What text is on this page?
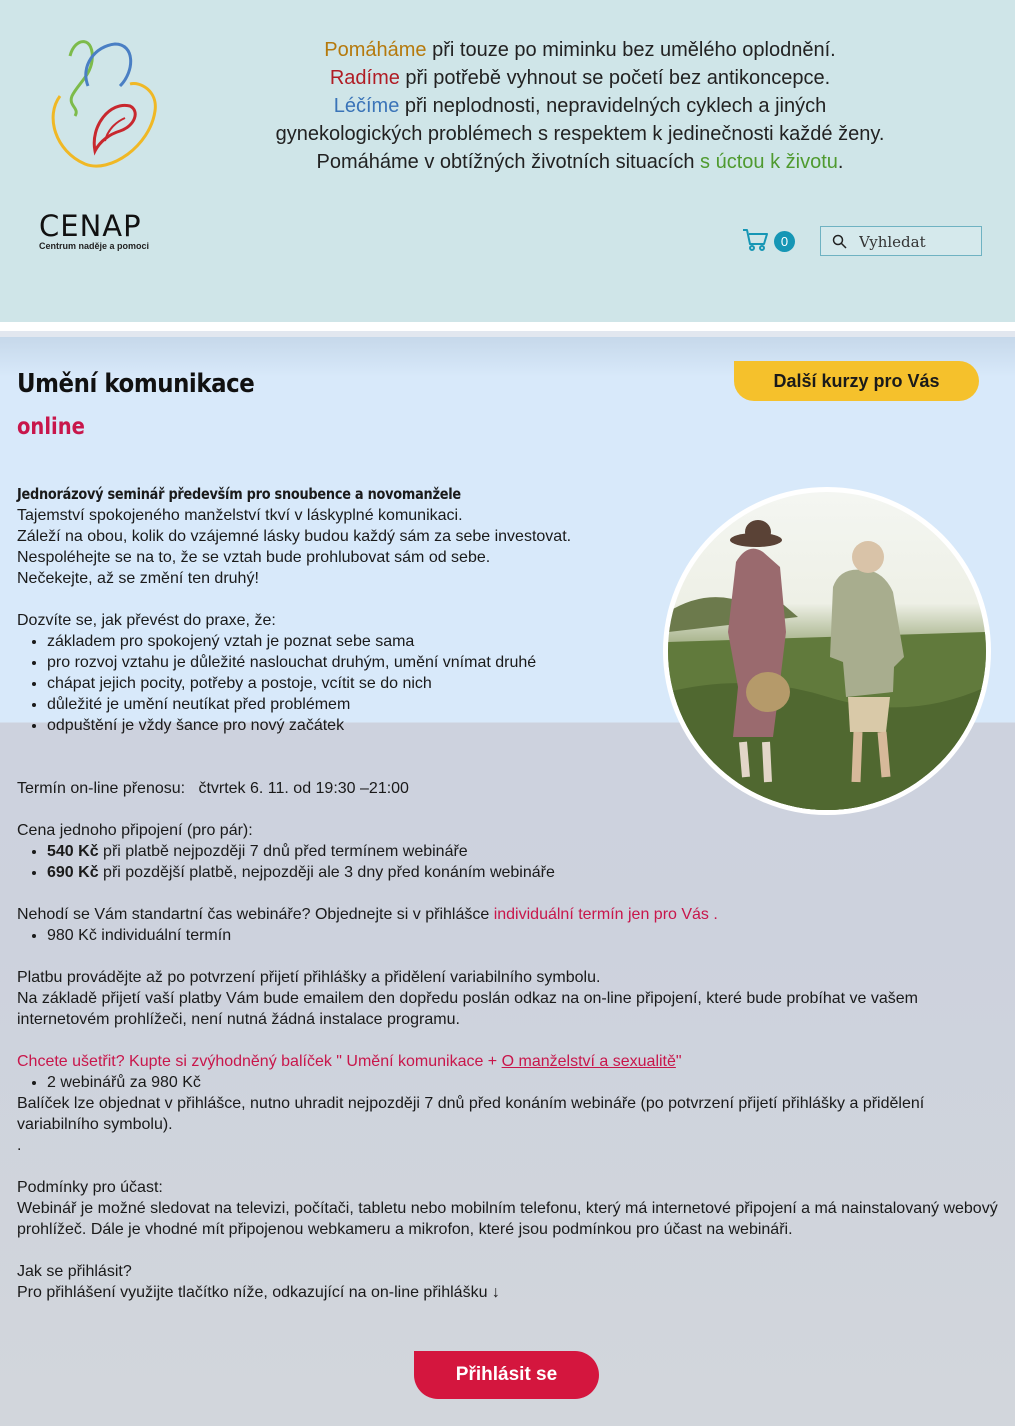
CENAP
Centrum naděje a pomoci
Pomáháme při touze po miminku bez umělého oplodnění.
Radíme při potřebě vyhnout se početí bez antikoncepce.
Léčíme při neplodnosti, nepravidelných cyklech a jiných
gynekologických problémech s respektem k jedinečnosti každé ženy.
Pomáháme v obtížných životních situacích s úctou k životu.
0
Vyhledat
Umění komunikace
online
Další kurzy pro Vás

Jednorázový seminář především pro snoubence a novomanžele

Tajemství spokojeného manželství tkví v láskyplné komunikaci.

Záleží na obou, kolik do vzájemné lásky budou každý sám za sebe investovat.

Nespoléhejte se na to, že se vztah bude prohlubovat sám od sebe.

Nečekejte, až se změní ten druhý!

Dozvíte se, jak převést do praxe, že:

• základem pro spokojený vztah je poznat sebe sama
• pro rozvoj vztahu je důležité naslouchat druhým, umění vnímat druhé
• chápat jejich pocity, potřeby a postoje, vcítit se do nich
• důležité je umění neutíkat před problémem
• odpuštění je vždy šance pro nový začátek

Termín on-line přenosu: čtvrtek 6. 11. od 19:30 –21:00

Cena jednoho připojení (pro pár):

• 540 Kč při platbě nejpozději 7 dnů před termínem webináře
• 690 Kč při pozdější platbě, nejpozději ale 3 dny před konáním webináře

Nehodí se Vám standartní čas webináře? Objednejte si v přihlášce individuální termín jen pro Vás .

• 980 Kč individuální termín

Platbu provádějte až po potvrzení přijetí přihlášky a přidělení variabilního symbolu.

Na základě přijetí vaší platby Vám bude emailem den dopředu poslán odkaz na on-line připojení, které bude probíhat ve vašem internetovém prohlížeči, není nutná žádná instalace programu.

Chcete ušetřit? Kupte si zvýhodněný balíček " Umění komunikace + O manželství a sexualitě"

• 2 webinářů za 980 Kč

Balíček lze objednat v přihlášce, nutno uhradit nejpozději 7 dnů před konáním webináře (po potvrzení přijetí přihlášky a přidělení variabilního symbolu).

.

Podmínky pro účast:

Webinář je možné sledovat na televizi, počítači, tabletu nebo mobilním telefonu, který má internetové připojení a má nainstalovaný webový prohlížeč. Dále je vhodné mít připojenou webkameru a mikrofon, které jsou podmínkou pro účast na webináři.

Jak se přihlásit?

Pro přihlášení využijte tlačítko níže, odkazující na on-line přihlášku ↓

Přihlásit se
